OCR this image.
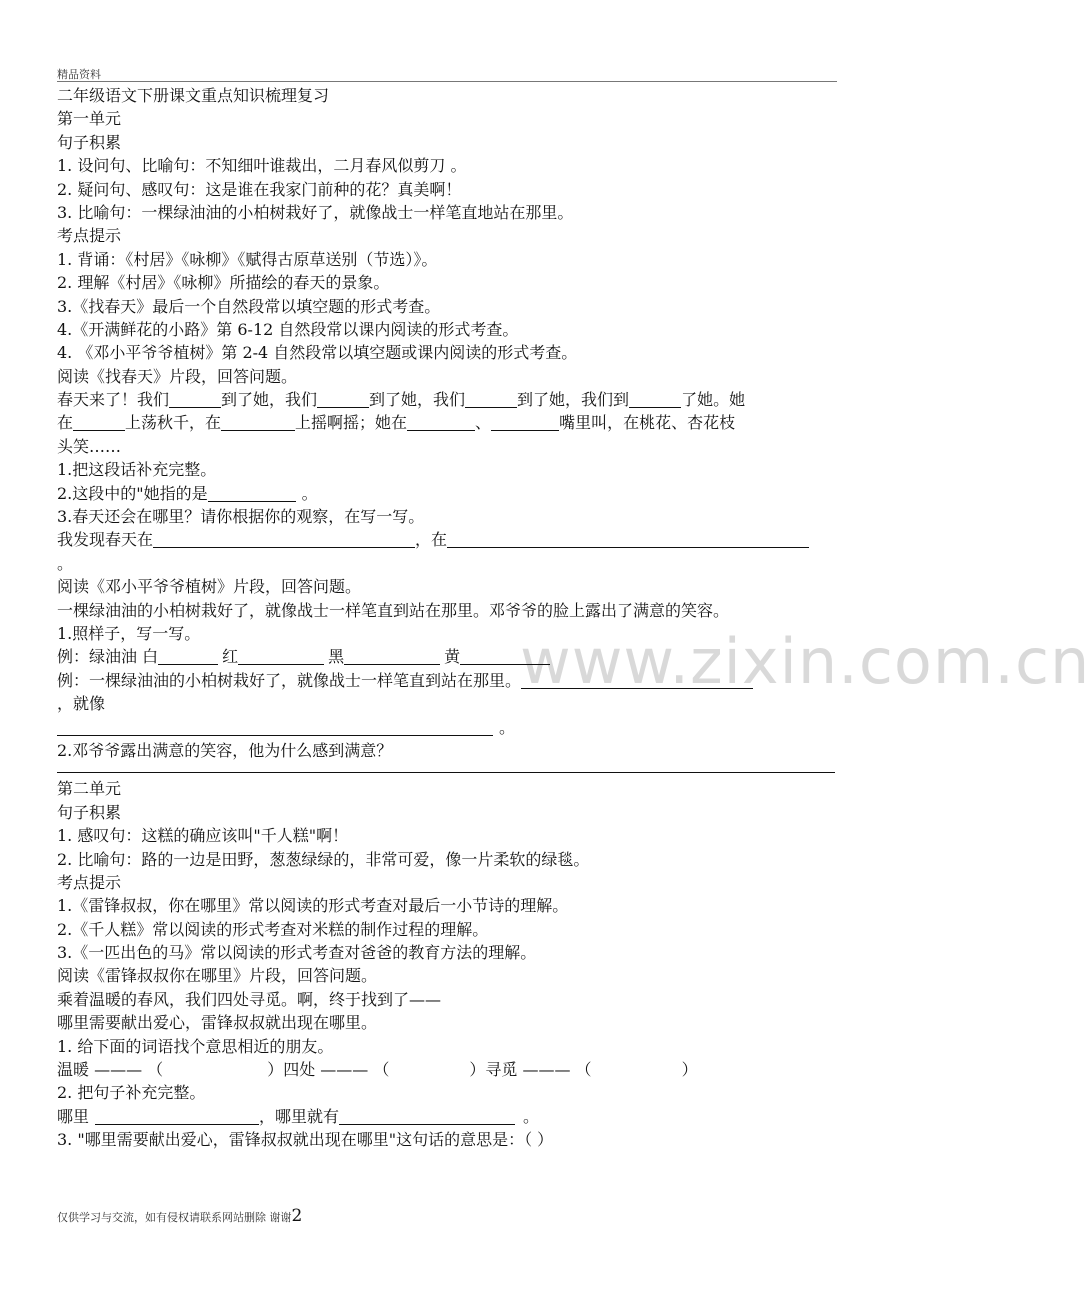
精品资料
www.zixin.com.cn
二年级语文下册课文重点知识梳理复习
第一单元
句子积累
1. 设问句、比喻句：不知细叶谁裁出，二月春风似剪刀 。
2. 疑问句、感叹句：这是谁在我家门前种的花？真美啊！
3. 比喻句：一棵绿油油的小柏树栽好了，就像战士一样笔直地站在那里。
考点提示
1. 背诵：《村居》《咏柳》《赋得古原草送别（节选）》。
2. 理解《村居》《咏柳》所描绘的春天的景象。
3.《找春天》最后一个自然段常以填空题的形式考查。
4.《开满鲜花的小路》第 6-12 自然段常以课内阅读的形式考查。
4. 《邓小平爷爷植树》第 2-4 自然段常以填空题或课内阅读的形式考查。
阅读《找春天》片段，回答问题。
春天来了！我们	到了她，我们	到了她，我们	到了她，我们到	了她。她
在	上荡秋千，在	上摇啊摇；她在	、	嘴里叫，在桃花、杏花枝
头笑……
1.把这段话补充完整。
2.这段中的"她指的是	。
3.春天还会在哪里？请你根据你的观察，在写一写。
我发现春天在	，在
。
阅读《邓小平爷爷植树》片段，回答问题。
一棵绿油油的小柏树栽好了，就像战士一样笔直到站在那里。邓爷爷的脸上露出了满意的笑容。
1.照样子，写一写。
例：绿油油 白	红	黑	黄
例：一棵绿油油的小柏树栽好了，就像战士一样笔直到站在那里。
，就像
。
2.邓爷爷露出满意的笑容，他为什么感到满意？
第二单元
句子积累
1. 感叹句：这糕的确应该叫"千人糕"啊！
2. 比喻句：路的一边是田野，葱葱绿绿的，非常可爱，像一片柔软的绿毯。
考点提示
1.《雷锋叔叔，你在哪里》常以阅读的形式考查对最后一小节诗的理解。
2.《千人糕》常以阅读的形式考查对米糕的制作过程的理解。
3.《一匹出色的马》常以阅读的形式考查对爸爸的教育方法的理解。
阅读《雷锋叔叔你在哪里》片段，回答问题。
乘着温暖的春风，我们四处寻觅。啊，终于找到了——
哪里需要献出爱心，雷锋叔叔就出现在哪里。
1. 给下面的词语找个意思相近的朋友。
温暖 ——— （	）四处 ——— （	）寻觅 ——— （	）
2. 把句子补充完整。
哪里	，哪里就有	。
3. "哪里需要献出爱心，雷锋叔叔就出现在哪里"这句话的意思是：（ ）
仅供学习与交流，如有侵权请联系网站删除 谢谢2
